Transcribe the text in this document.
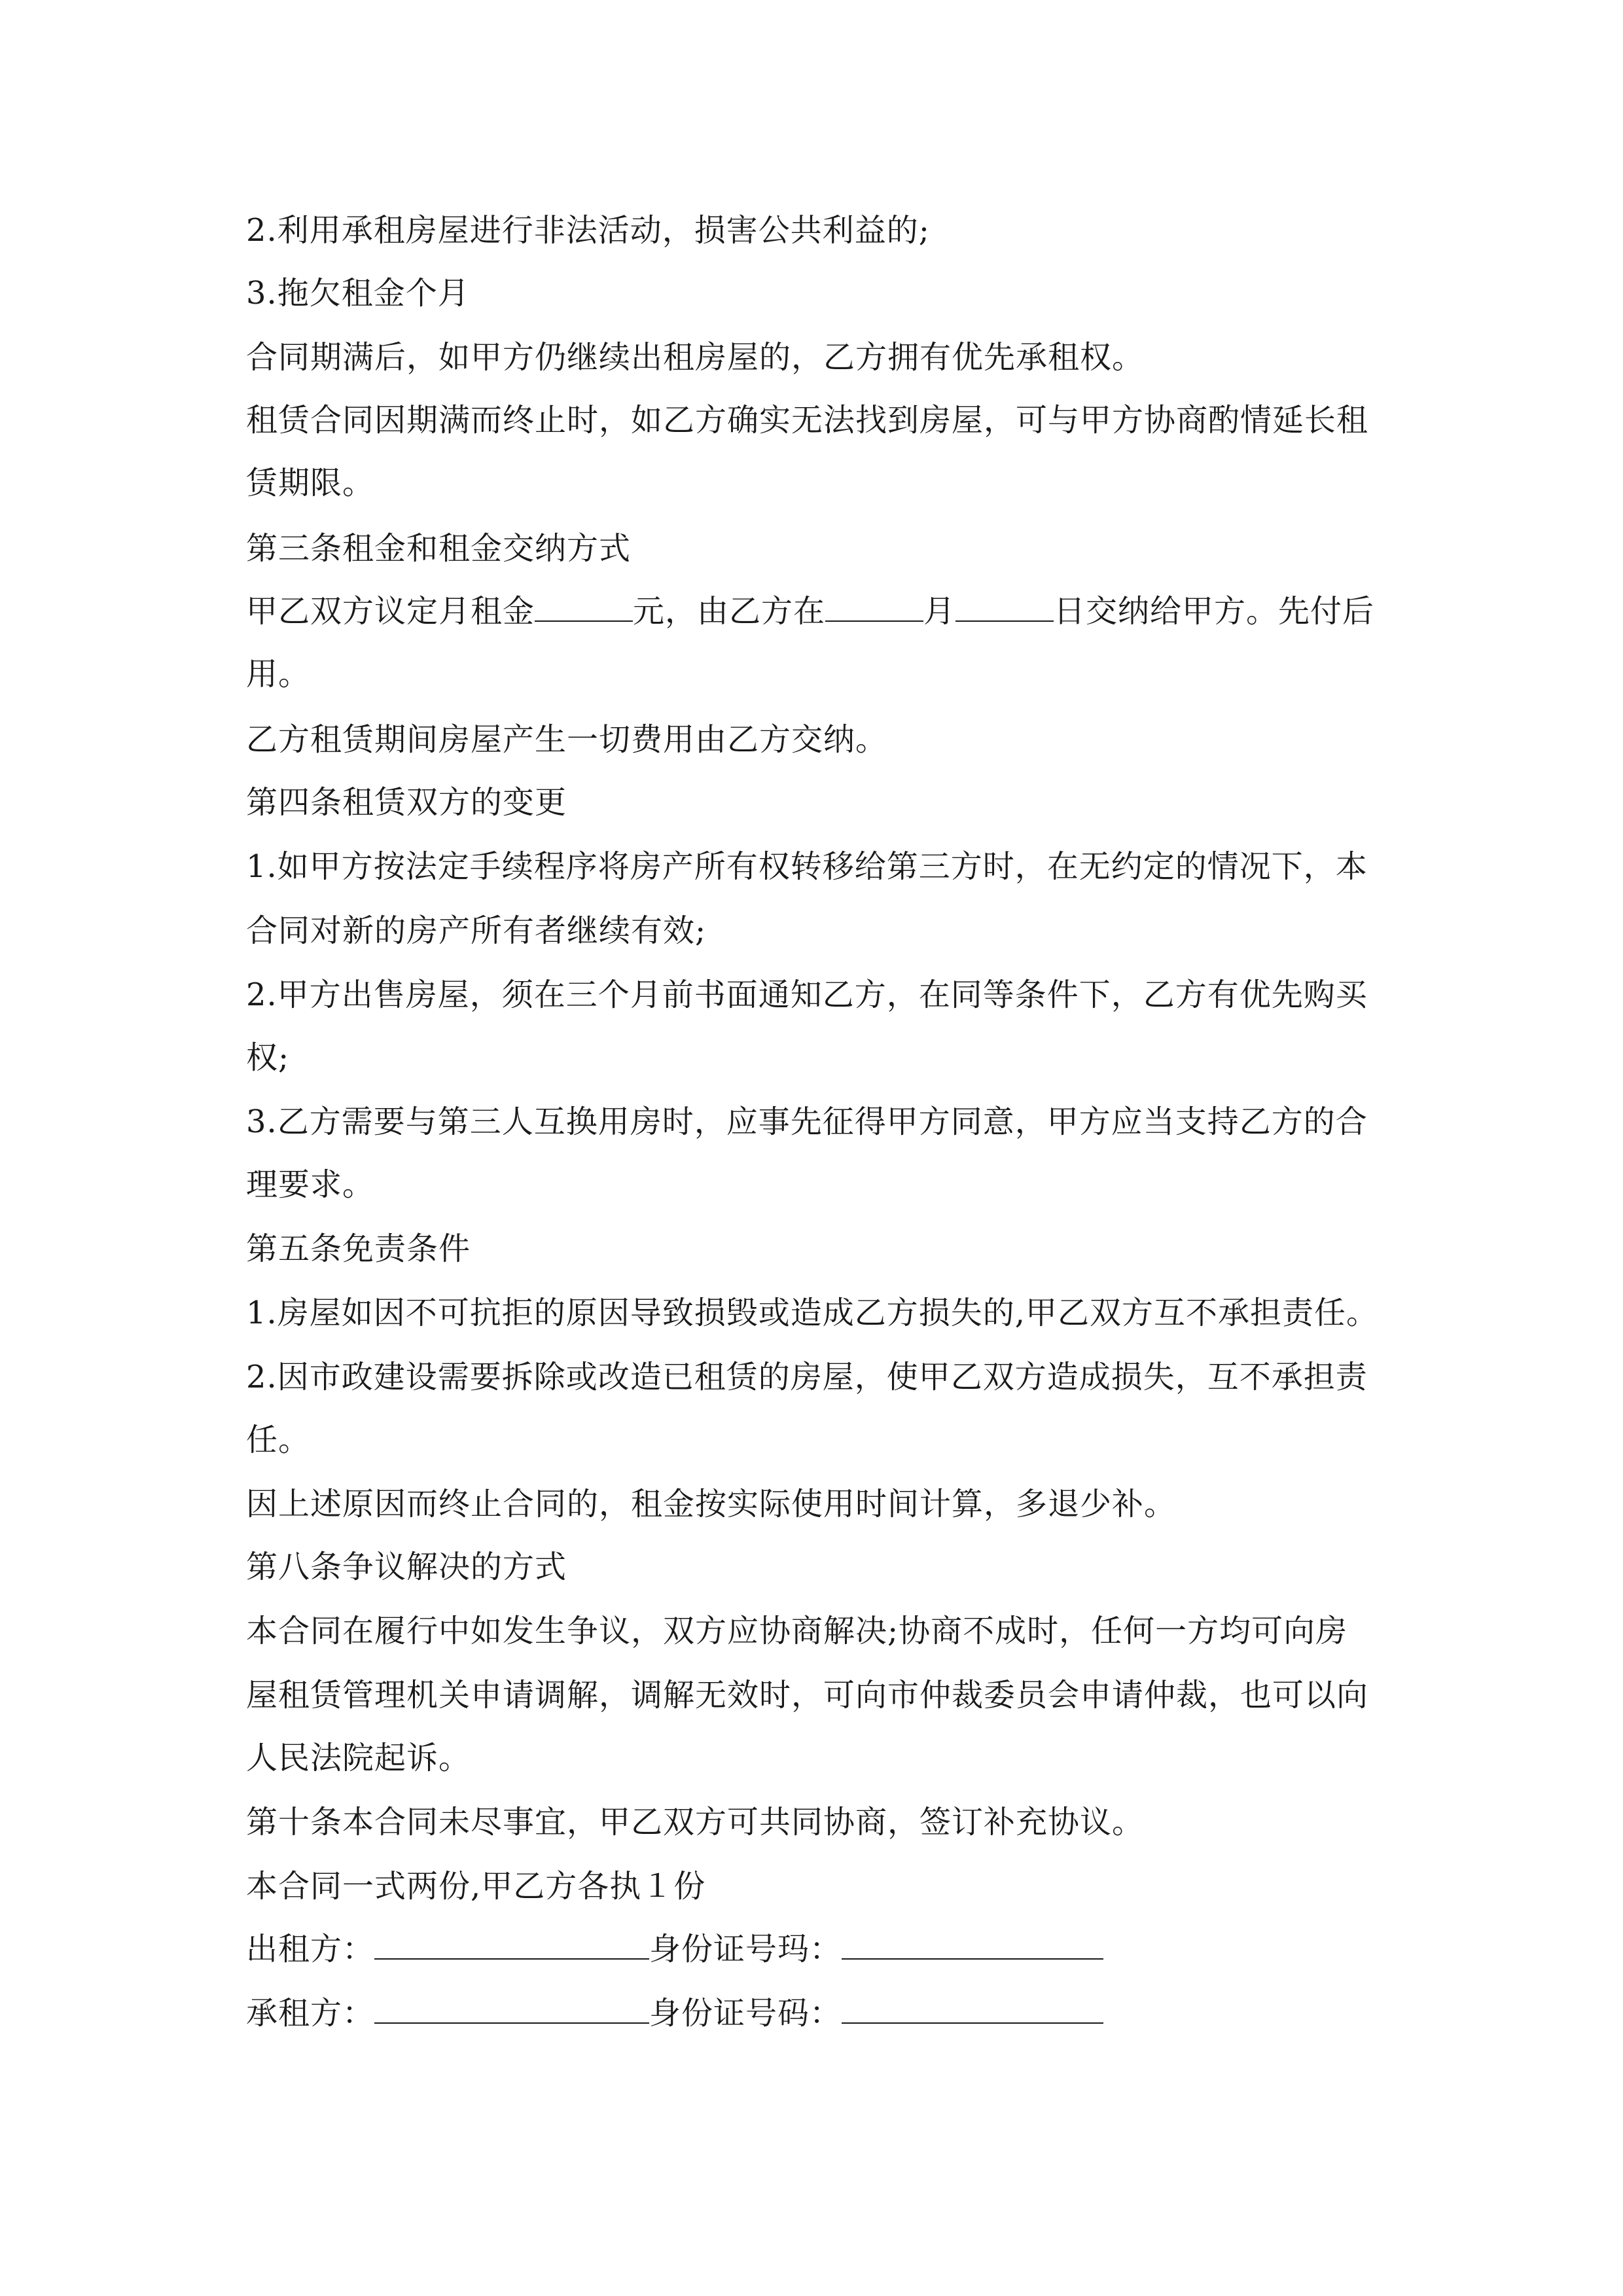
2.利用承租房屋进行非法活动，损害公共利益的;
3.拖欠租金个月
合同期满后，如甲方仍继续出租房屋的，乙方拥有优先承租权。
租赁合同因期满而终止时，如乙方确实无法找到房屋，可与甲方协商酌情延长租
赁期限。
第三条租金和租金交纳方式
甲乙双方议定月租金	元，由乙方在	月	日交纳给甲方。先付后
用。
乙方租赁期间房屋产生一切费用由乙方交纳。
第四条租赁双方的变更
1.如甲方按法定手续程序将房产所有权转移给第三方时，在无约定的情况下，本
合同对新的房产所有者继续有效;
2.甲方出售房屋，须在三个月前书面通知乙方，在同等条件下，乙方有优先购买
权;
3.乙方需要与第三人互换用房时，应事先征得甲方同意，甲方应当支持乙方的合
理要求。
第五条免责条件
1.房屋如因不可抗拒的原因导致损毁或造成乙方损失的,甲乙双方互不承担责任。
2.因市政建设需要拆除或改造已租赁的房屋，使甲乙双方造成损失，互不承担责
任。
因上述原因而终止合同的，租金按实际使用时间计算，多退少补。
第八条争议解决的方式
本合同在履行中如发生争议，双方应协商解决;协商不成时，任何一方均可向房
屋租赁管理机关申请调解，调解无效时，可向市仲裁委员会申请仲裁，也可以向
人民法院起诉。
第十条本合同未尽事宜，甲乙双方可共同协商，签订补充协议。
本合同一式两份,甲乙方各执１份
出租方：	身份证号玛：
承租方：	身份证号码：
